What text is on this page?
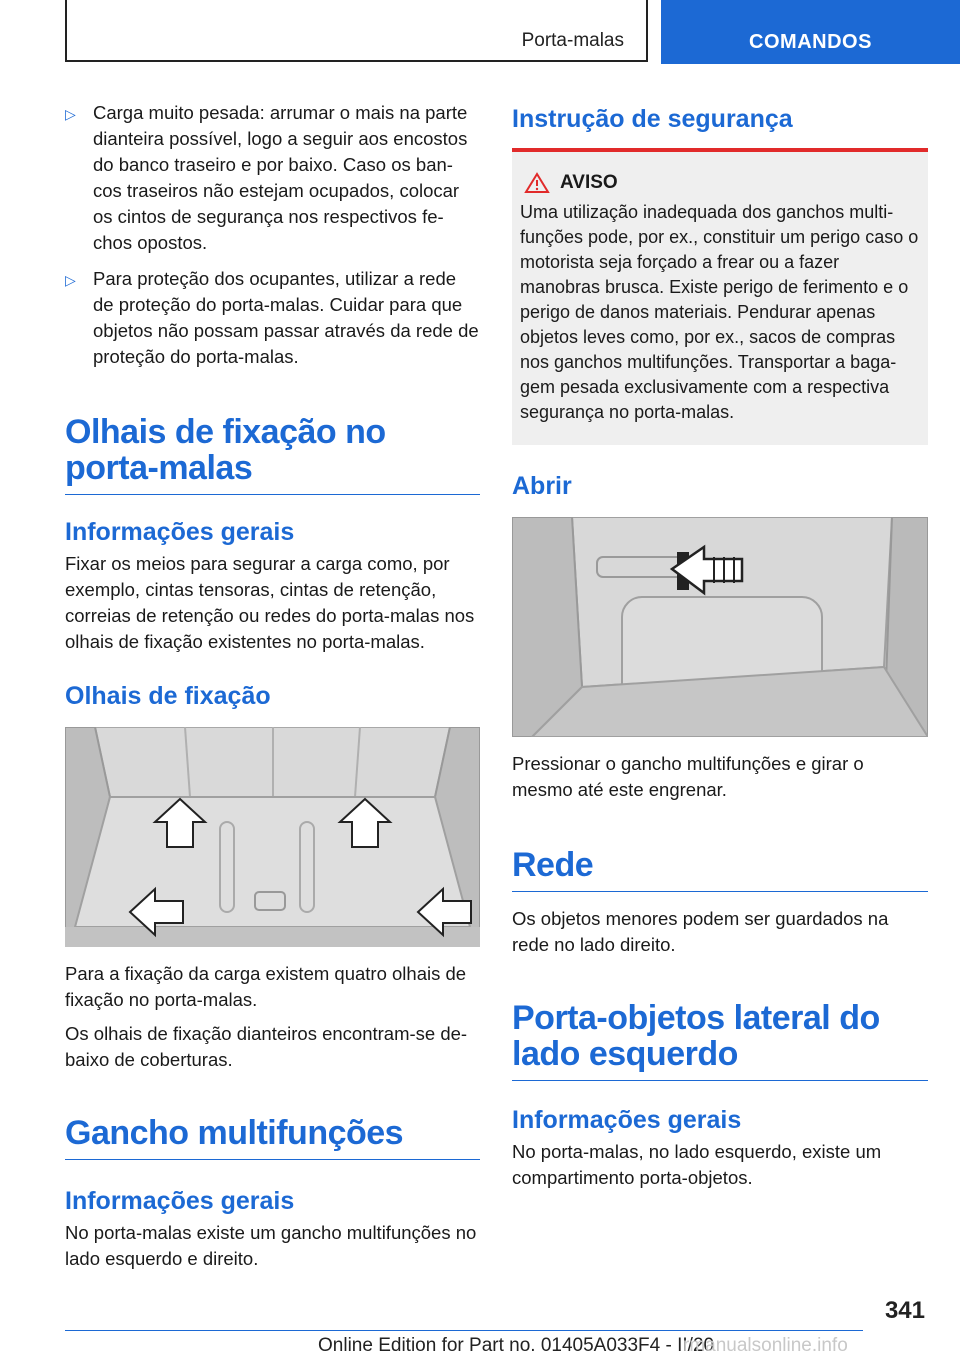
Porta-malas	COMANDOS
▷ Carga muito pesada: arrumar o mais na parte dianteira possível, logo a seguir aos encostos do banco traseiro e por baixo. Caso os ban‐cos traseiros não estejam ocupados, colocar os cintos de segurança nos respectivos fe‐chos opostos.
▷ Para proteção dos ocupantes, utilizar a rede de proteção do porta-malas. Cuidar para que objetos não possam passar através da rede de proteção do porta-malas.
Olhais de fixação no porta-malas
Informações gerais

Fixar os meios para segurar a carga como, por exemplo, cintas tensoras, cintas de retenção, correias de retenção ou redes do porta-malas nos olhais de fixação existentes no porta-malas.

Olhais de fixação

Para a fixação da carga existem quatro olhais de fixação no porta-malas.

Os olhais de fixação dianteiros encontram-se de‐baixo de coberturas.

Gancho multifunções
Informações gerais

No porta-malas existe um gancho multifunções no lado esquerdo e direito.

Instrução de segurança
AVISO

Uma utilização inadequada dos ganchos multi‐funções pode, por ex., constituir um perigo caso o motorista seja forçado a frear ou a fazer manobras brusca. Existe perigo de ferimento e o perigo de danos materiais. Pendurar apenas objetos leves como, por ex., sacos de compras nos ganchos multifunções. Transportar a baga‐gem pesada exclusivamente com a respectiva segurança no porta-malas.

Abrir

Pressionar o gancho multifunções e girar o mesmo até este engrenar.

Rede

Os objetos menores podem ser guardados na rede no lado direito.

Porta-objetos lateral do lado esquerdo
Informações gerais

No porta-malas, no lado esquerdo, existe um compartimento porta-objetos.

341
Online Edition for Part no. 01405A033F4 - II/20
rmanualsonline.info
